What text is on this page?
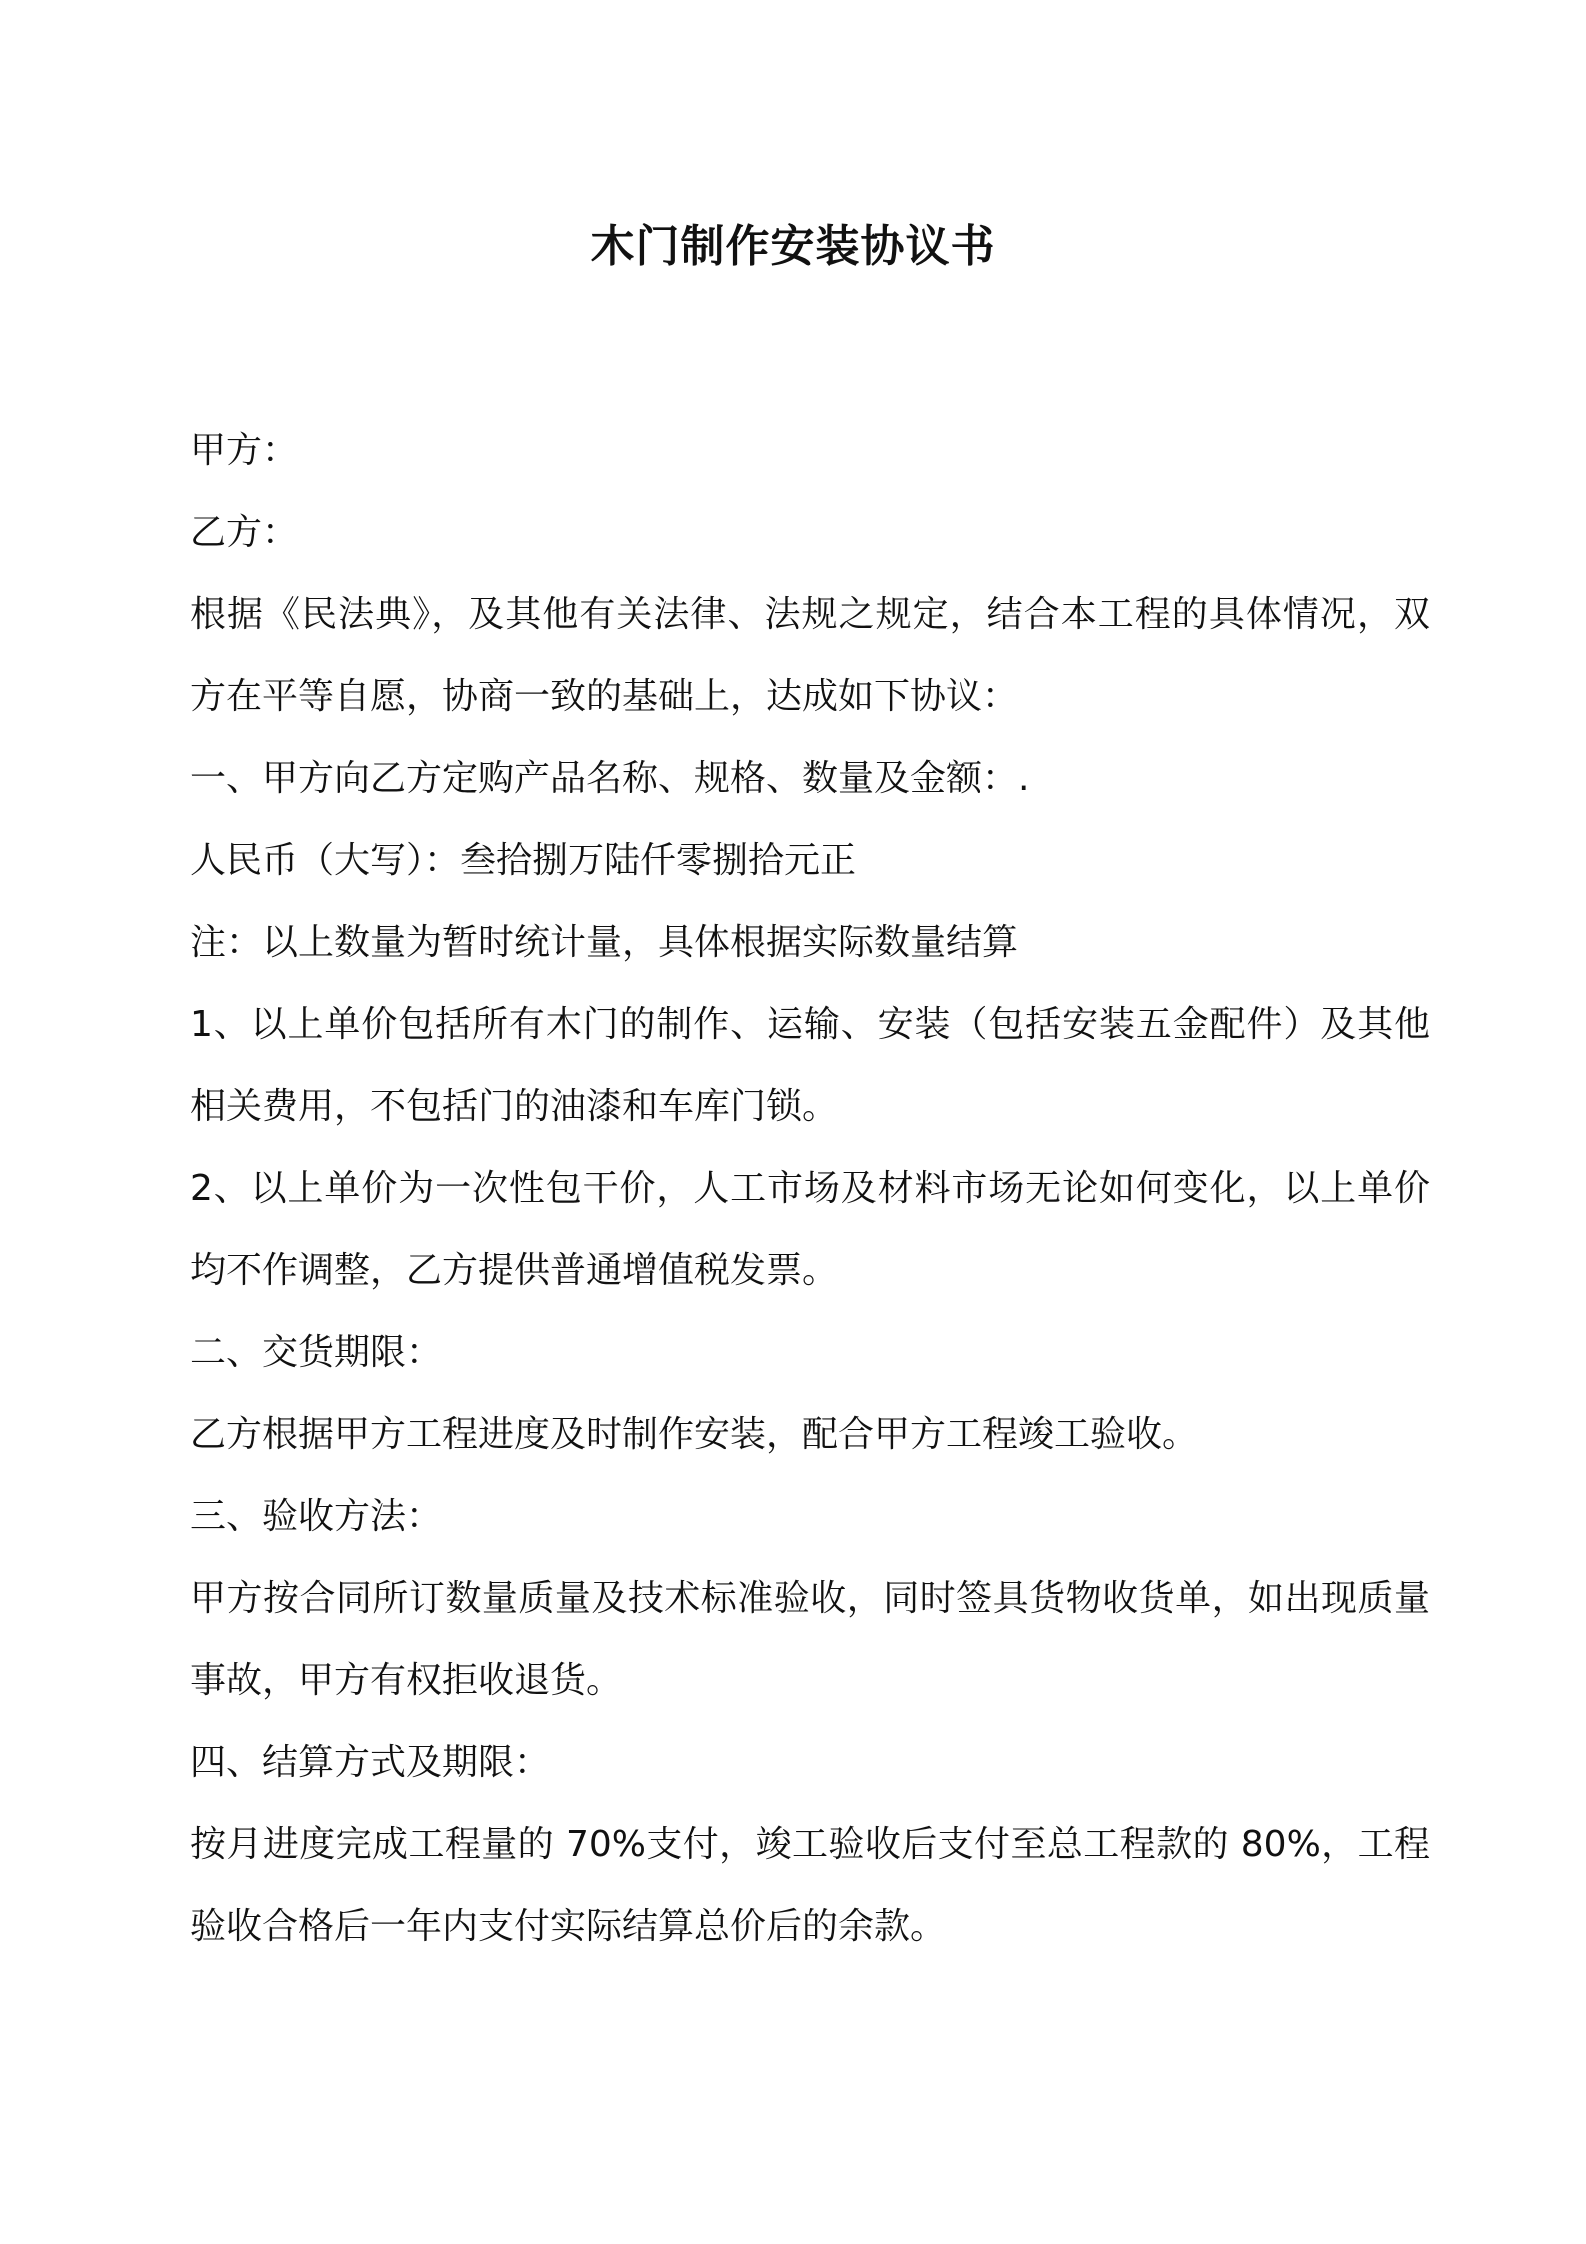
木门制作安装协议书

甲方：

乙方：

根据《民法典》，及其他有关法律、法规之规定，结合本工程的具体情况，双方在平等自愿，协商一致的基础上，达成如下协议：

一、甲方向乙方定购产品名称、规格、数量及金额：.

人民币（大写）：叁拾捌万陆仟零捌拾元正

注：以上数量为暂时统计量，具体根据实际数量结算

1、以上单价包括所有木门的制作、运输、安装（包括安装五金配件）及其他相关费用，不包括门的油漆和车库门锁。

2、以上单价为一次性包干价，人工市场及材料市场无论如何变化，以上单价均不作调整，乙方提供普通增值税发票。

二、交货期限：

乙方根据甲方工程进度及时制作安装，配合甲方工程竣工验收。

三、验收方法：

甲方按合同所订数量质量及技术标准验收，同时签具货物收货单，如出现质量事故，甲方有权拒收退货。

四、结算方式及期限：

按月进度完成工程量的 70%支付，竣工验收后支付至总工程款的 80%，工程验收合格后一年内支付实际结算总价后的余款。
